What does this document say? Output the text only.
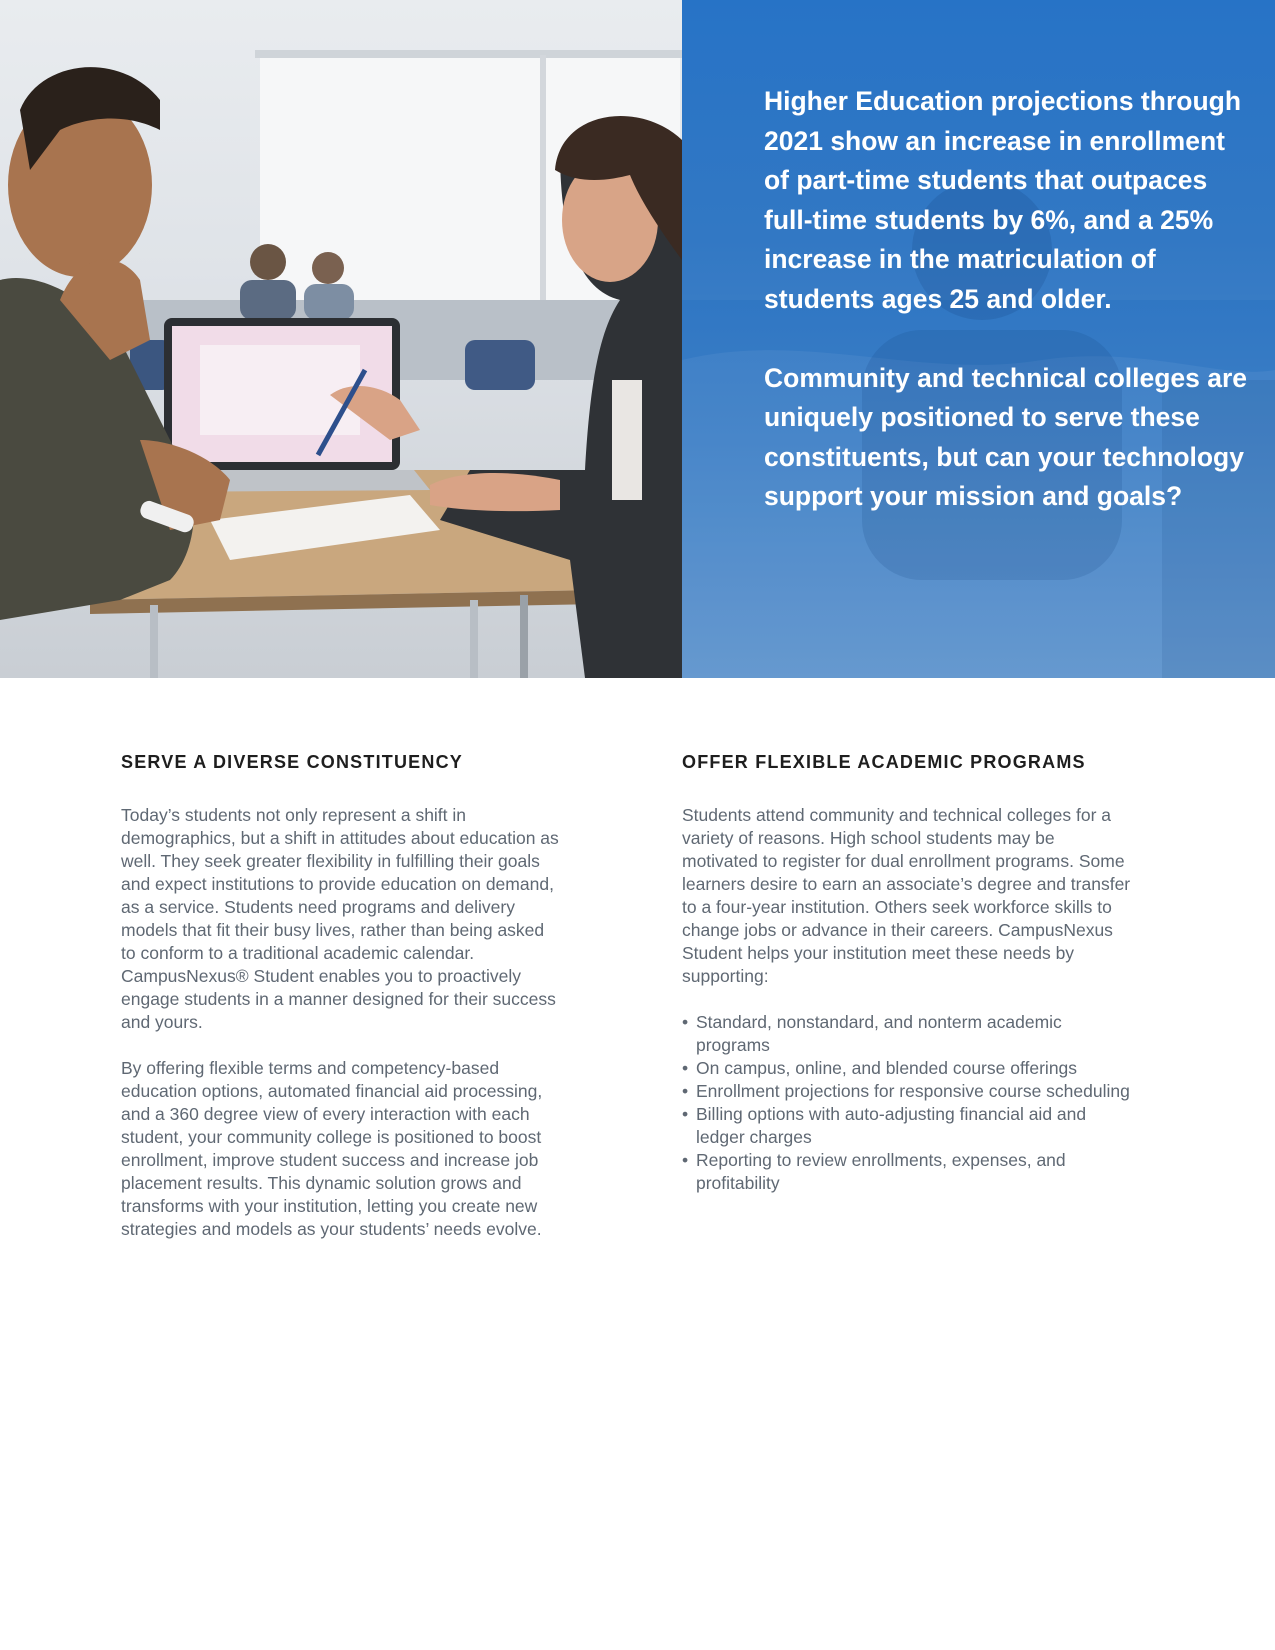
Higher Education projections through 2021 show an increase in enrollment of part-time students that outpaces full-time students by 6%, and a 25% increase in the matriculation of students ages 25 and older.

Community and technical colleges are uniquely positioned to serve these constituents, but can your technology support your mission and goals?

SERVE A DIVERSE CONSTITUENCY

Today’s students not only represent a shift in demographics, but a shift in attitudes about education as well. They seek greater flexibility in fulfilling their goals and expect institutions to provide education on demand, as a service. Students need programs and delivery models that fit their busy lives, rather than being asked to conform to a traditional academic calendar. CampusNexus® Student enables you to proactively engage students in a manner designed for their success and yours.

By offering flexible terms and competency-based education options, automated financial aid processing, and a 360 degree view of every interaction with each student, your community college is positioned to boost enrollment, improve student success and increase job placement results. This dynamic solution grows and transforms with your institution, letting you create new strategies and models as your students’ needs evolve.

OFFER FLEXIBLE ACADEMIC PROGRAMS

Students attend community and technical colleges for a variety of reasons. High school students may be motivated to register for dual enrollment programs. Some learners desire to earn an associate’s degree and transfer to a four-year institution. Others seek workforce skills to change jobs or advance in their careers. CampusNexus Student helps your institution meet these needs by supporting:

• Standard, nonstandard, and nonterm academic programs
• On campus, online, and blended course offerings
• Enrollment projections for responsive course scheduling
• Billing options with auto-adjusting financial aid and ledger charges
• Reporting to review enrollments, expenses, and profitability
